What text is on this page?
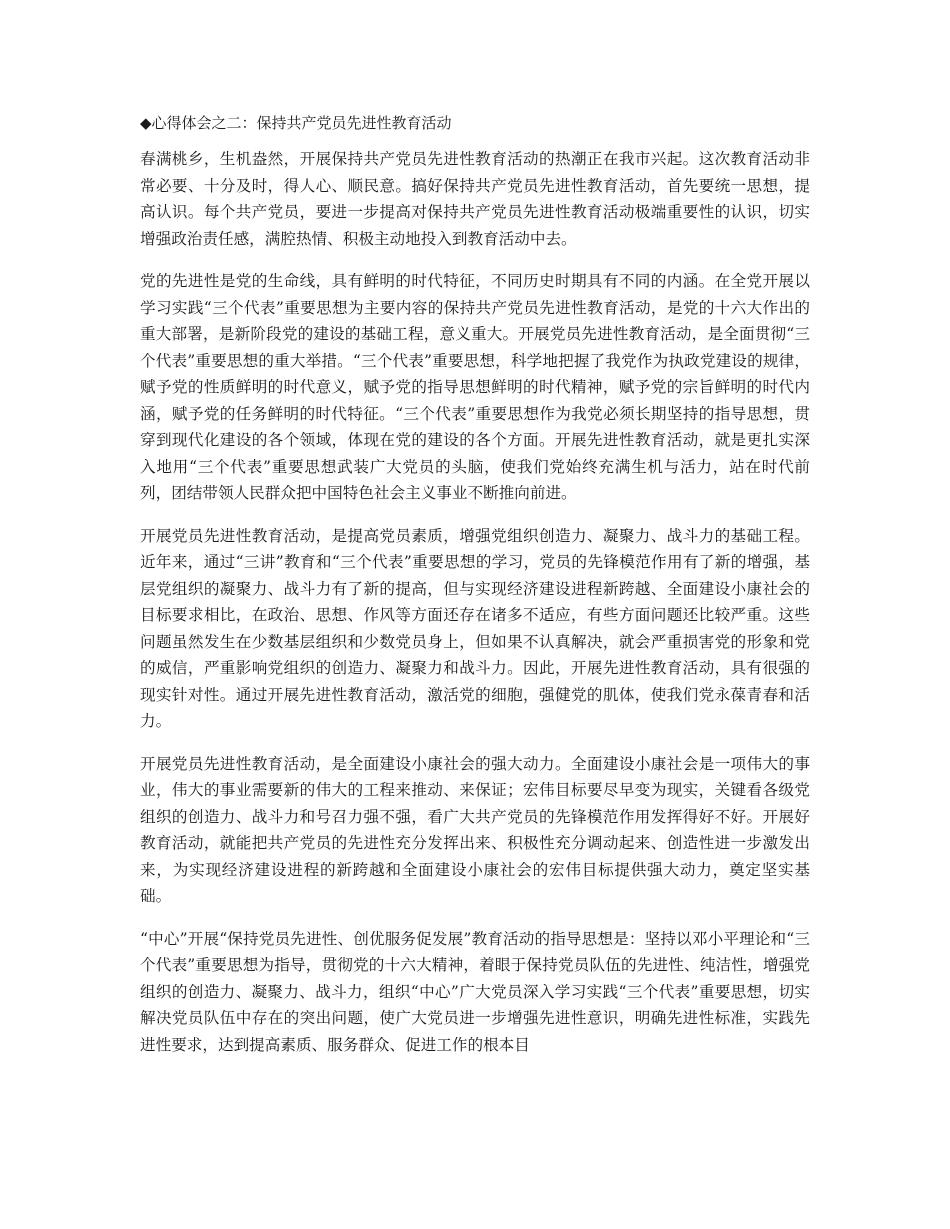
◆心得体会之二：保持共产党员先进性教育活动

春满桃乡，生机盎然，开展保持共产党员先进性教育活动的热潮正在我市兴起。这次教育活动非常必要、十分及时，得人心、顺民意。搞好保持共产党员先进性教育活动，首先要统一思想，提高认识。每个共产党员，要进一步提高对保持共产党员先进性教育活动极端重要性的认识，切实增强政治责任感，满腔热情、积极主动地投入到教育活动中去。

党的先进性是党的生命线，具有鲜明的时代特征，不同历史时期具有不同的内涵。在全党开展以学习实践“三个代表”重要思想为主要内容的保持共产党员先进性教育活动，是党的十六大作出的重大部署，是新阶段党的建设的基础工程，意义重大。开展党员先进性教育活动，是全面贯彻“三个代表”重要思想的重大举措。“三个代表”重要思想，科学地把握了我党作为执政党建设的规律，赋予党的性质鲜明的时代意义，赋予党的指导思想鲜明的时代精神，赋予党的宗旨鲜明的时代内涵，赋予党的任务鲜明的时代特征。“三个代表”重要思想作为我党必须长期坚持的指导思想，贯穿到现代化建设的各个领域，体现在党的建设的各个方面。开展先进性教育活动，就是更扎实深入地用“三个代表”重要思想武装广大党员的头脑，使我们党始终充满生机与活力，站在时代前列，团结带领人民群众把中国特色社会主义事业不断推向前进。

开展党员先进性教育活动，是提高党员素质，增强党组织创造力、凝聚力、战斗力的基础工程。近年来，通过“三讲”教育和“三个代表”重要思想的学习，党员的先锋模范作用有了新的增强，基层党组织的凝聚力、战斗力有了新的提高，但与实现经济建设进程新跨越、全面建设小康社会的目标要求相比，在政治、思想、作风等方面还存在诸多不适应，有些方面问题还比较严重。这些问题虽然发生在少数基层组织和少数党员身上，但如果不认真解决，就会严重损害党的形象和党的威信，严重影响党组织的创造力、凝聚力和战斗力。因此，开展先进性教育活动，具有很强的现实针对性。通过开展先进性教育活动，激活党的细胞，强健党的肌体，使我们党永葆青春和活力。

开展党员先进性教育活动，是全面建设小康社会的强大动力。全面建设小康社会是一项伟大的事业，伟大的事业需要新的伟大的工程来推动、来保证；宏伟目标要尽早变为现实，关键看各级党组织的创造力、战斗力和号召力强不强，看广大共产党员的先锋模范作用发挥得好不好。开展好教育活动，就能把共产党员的先进性充分发挥出来、积极性充分调动起来、创造性进一步激发出来，为实现经济建设进程的新跨越和全面建设小康社会的宏伟目标提供强大动力，奠定坚实基础。

“中心”开展“保持党员先进性、创优服务促发展”教育活动的指导思想是：坚持以邓小平理论和“三个代表”重要思想为指导，贯彻党的十六大精神，着眼于保持党员队伍的先进性、纯洁性，增强党组织的创造力、凝聚力、战斗力，组织“中心”广大党员深入学习实践“三个代表”重要思想，切实解决党员队伍中存在的突出问题，使广大党员进一步增强先进性意识，明确先进性标准，实践先进性要求，达到提高素质、服务群众、促进工作的根本目
